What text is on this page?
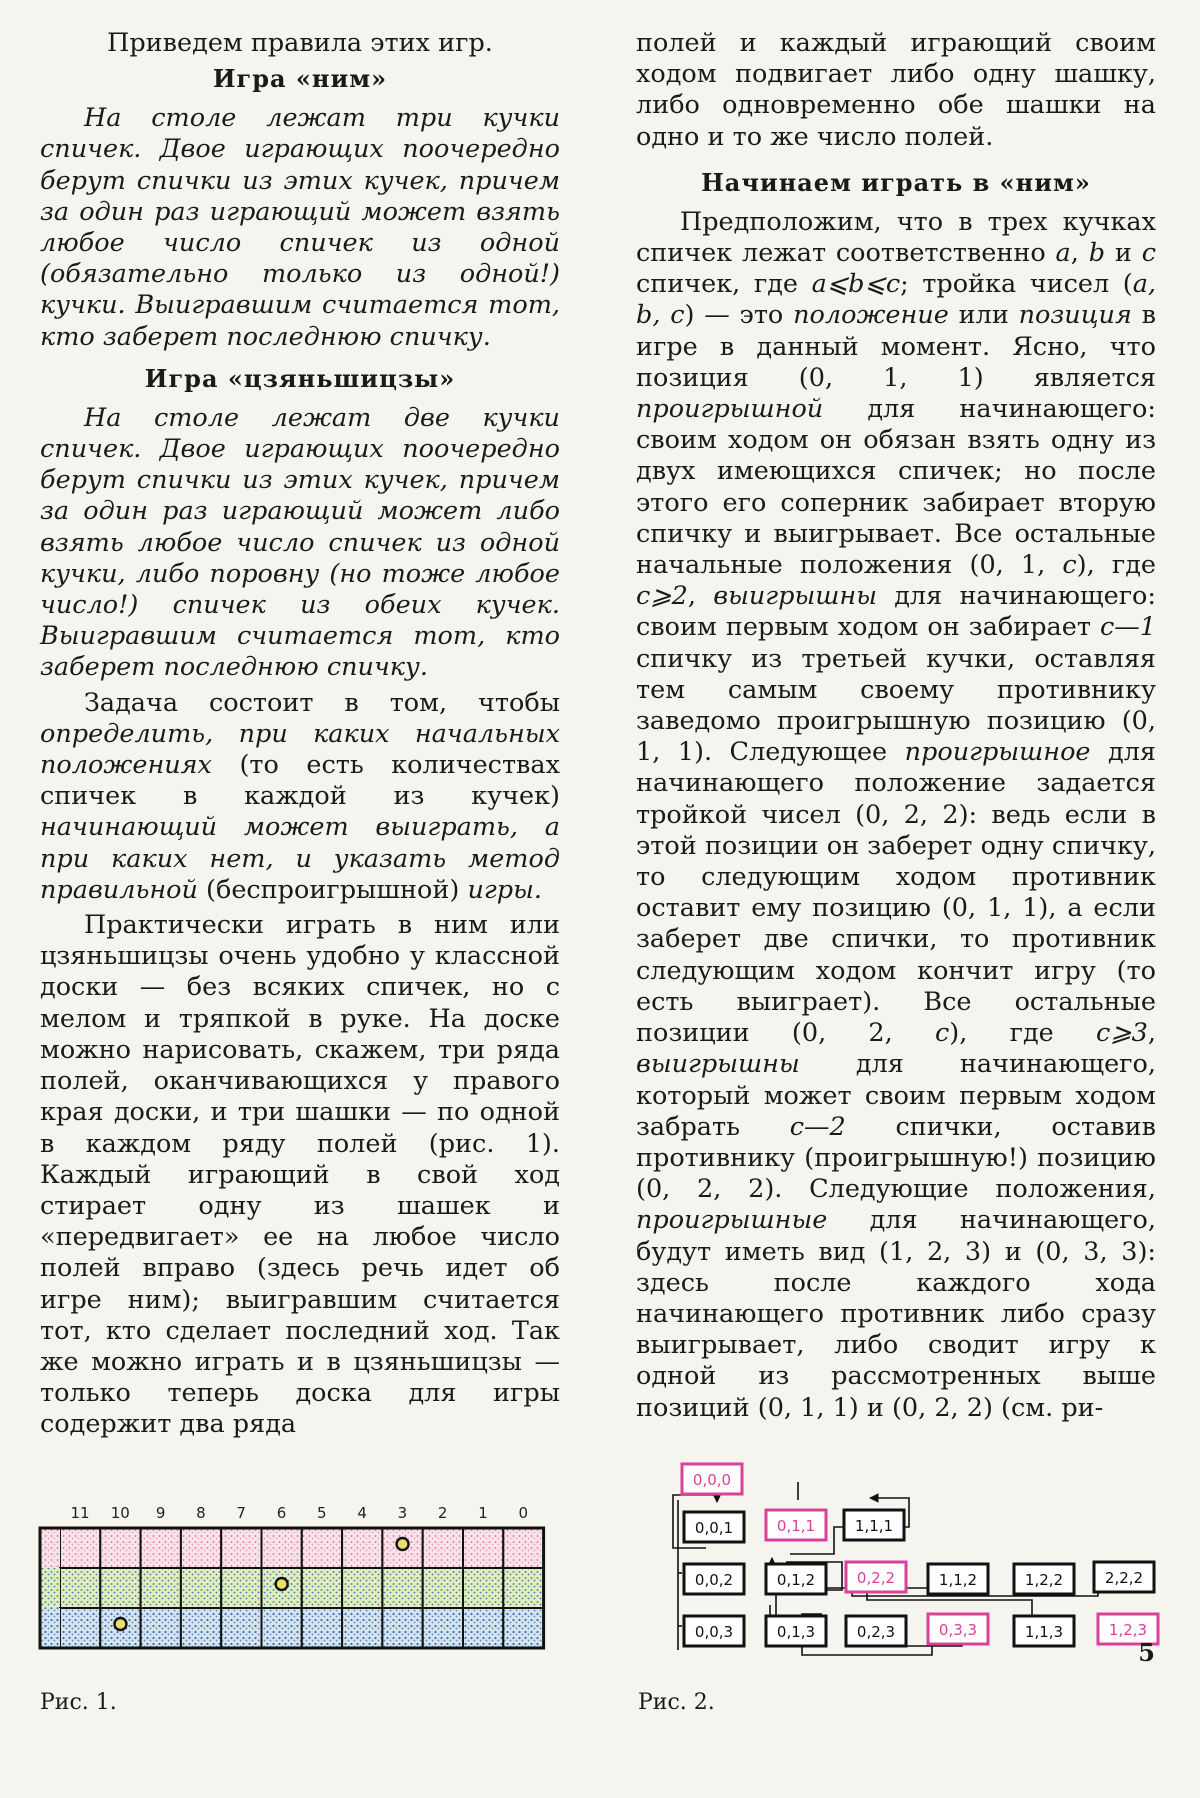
Приведем правила этих игр.

Игра «ним»

На столе лежат три кучки спичек. Двое играющих поочередно берут спички из этих кучек, причем за один раз играющий может взять любое число спичек из одной (обязательно только из одной!) кучки. Выигравшим считается тот, кто заберет последнюю спичку.

Игра «цзяньшицзы»

На столе лежат две кучки спичек. Двое играющих поочередно берут спички из этих кучек, причем за один раз играющий может либо взять любое число спичек из одной кучки, либо поровну (но тоже любое число!) спичек из обеих кучек. Выигравшим считается тот, кто заберет последнюю спичку.

Задача состоит в том, чтобы определить, при каких начальных положениях (то есть количествах спичек в каждой из кучек) начинающий может выиграть, а при каких нет, и указать метод правильной (беспроигрышной) игры.

Практически играть в ним или цзяньшицзы очень удобно у классной доски — без всяких спичек, но с мелом и тряпкой в руке. На доске можно нарисовать, скажем, три ряда полей, оканчивающихся у правого края доски, и три шашки — по одной в каждом ряду полей (рис. 1). Каждый играющий в свой ход стирает одну из шашек и «передвигает» ее на любое число полей вправо (здесь речь идет об игре ним); выигравшим считается тот, кто сделает последний ход. Так же можно играть и в цзяньшицзы — только теперь доска для игры содержит два ряда

полей и каждый играющий своим ходом подвигает либо одну шашку, либо одновременно обе шашки на одно и то же число полей.

Начинаем играть в «ним»

Предположим, что в трех кучках спичек лежат соответственно a, b и c спичек, где a⩽b⩽c; тройка чисел (a, b, c) — это положение или позиция в игре в данный момент. Ясно, что позиция (0, 1, 1) является проигрышной для начинающего: своим ходом он обязан взять одну из двух имеющихся спичек; но после этого его соперник забирает вторую спичку и выигрывает. Все остальные начальные положения (0, 1, c), где c⩾2, выигрышны для начинающего: своим первым ходом он забирает c—1 спичку из третьей кучки, оставляя тем самым своему противнику заведомо проигрышную позицию (0, 1, 1). Следующее проигрышное для начинающего положение задается тройкой чисел (0, 2, 2): ведь если в этой позиции он заберет одну спичку, то следующим ходом противник оставит ему позицию (0, 1, 1), а если заберет две спички, то противник следующим ходом кончит игру (то есть выиграет). Все остальные позиции (0, 2, c), где c⩾3, выигрышны для начинающего, который может своим первым ходом забрать c—2 спички, оставив противнику (проигрышную!) позицию (0, 2, 2). Следующие положения, проигрышные для начинающего, будут иметь вид (1, 2, 3) и (0, 3, 3): здесь после каждого хода начинающего противник либо сразу выигрывает, либо сводит игру к одной из рассмотренных выше позиций (0, 1, 1) и (0, 2, 2) (см. ри-

11 10 9 8 7 6 5 4 3 2 1 0
Рис. 1.
0,0,0
0,0,1	0,1,1	1,1,1
0,0,2	0,1,2	0,2,2	1,1,2	1,2,2	2,2,2
0,0,3	0,1,3	0,2,3	0,3,3	1,1,3	1,2,3
Рис. 2.
5
